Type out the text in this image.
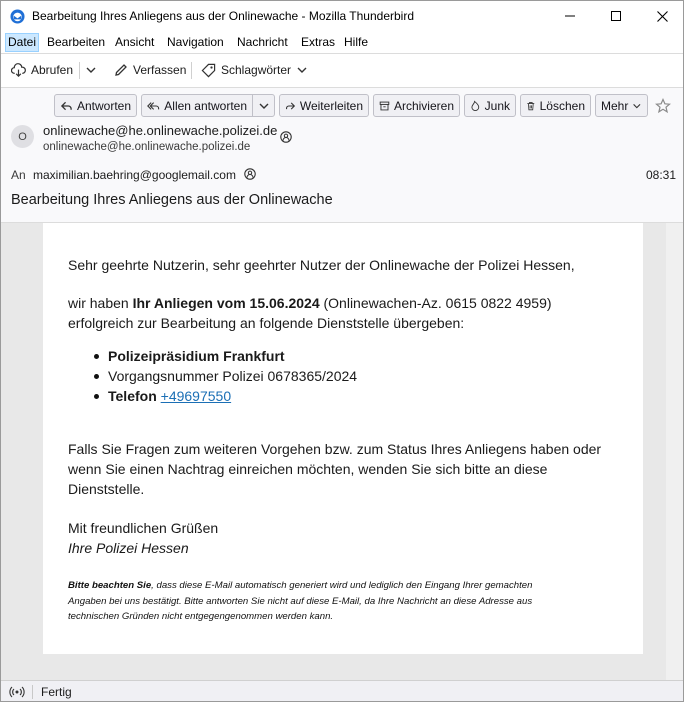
Bearbeitung Ihres Anliegens aus der Onlinewache - Mozilla Thunderbird
Datei Bearbeiten Ansicht Navigation Nachricht Extras Hilfe
Abrufen	Verfassen	Schlagwörter
Antworten	Allen antworten	Weiterleiten	Archivieren	Junk Löschen Mehr
O	onlinewache@he.onlinewache.polizei.de
onlinewache@he.onlinewache.polizei.de
An maximilian.baehring@googlemail.com	08:31
Bearbeitung Ihres Anliegens aus der Onlinewache
Sehr geehrte Nutzerin, sehr geehrter Nutzer der Onlinewache der Polizei Hessen,
wir haben Ihr Anliegen vom 15.06.2024 (Onlinewachen-Az. 0615 0822 4959)
erfolgreich zur Bearbeitung an folgende Dienststelle übergeben:
Polizeipräsidium Frankfurt
Vorgangsnummer Polizei 0678365/2024
Telefon +49697550
Falls Sie Fragen zum weiteren Vorgehen bzw. zum Status Ihres Anliegens haben oder
wenn Sie einen Nachtrag einreichen möchten, wenden Sie sich bitte an diese
Dienststelle.
Mit freundlichen Grüßen
Ihre Polizei Hessen
Bitte beachten Sie, dass diese E-Mail automatisch generiert wird und lediglich den Eingang Ihrer gemachten
Angaben bei uns bestätigt. Bitte antworten Sie nicht auf diese E-Mail, da Ihre Nachricht an diese Adresse aus
technischen Gründen nicht entgegengenommen werden kann.
Fertig
